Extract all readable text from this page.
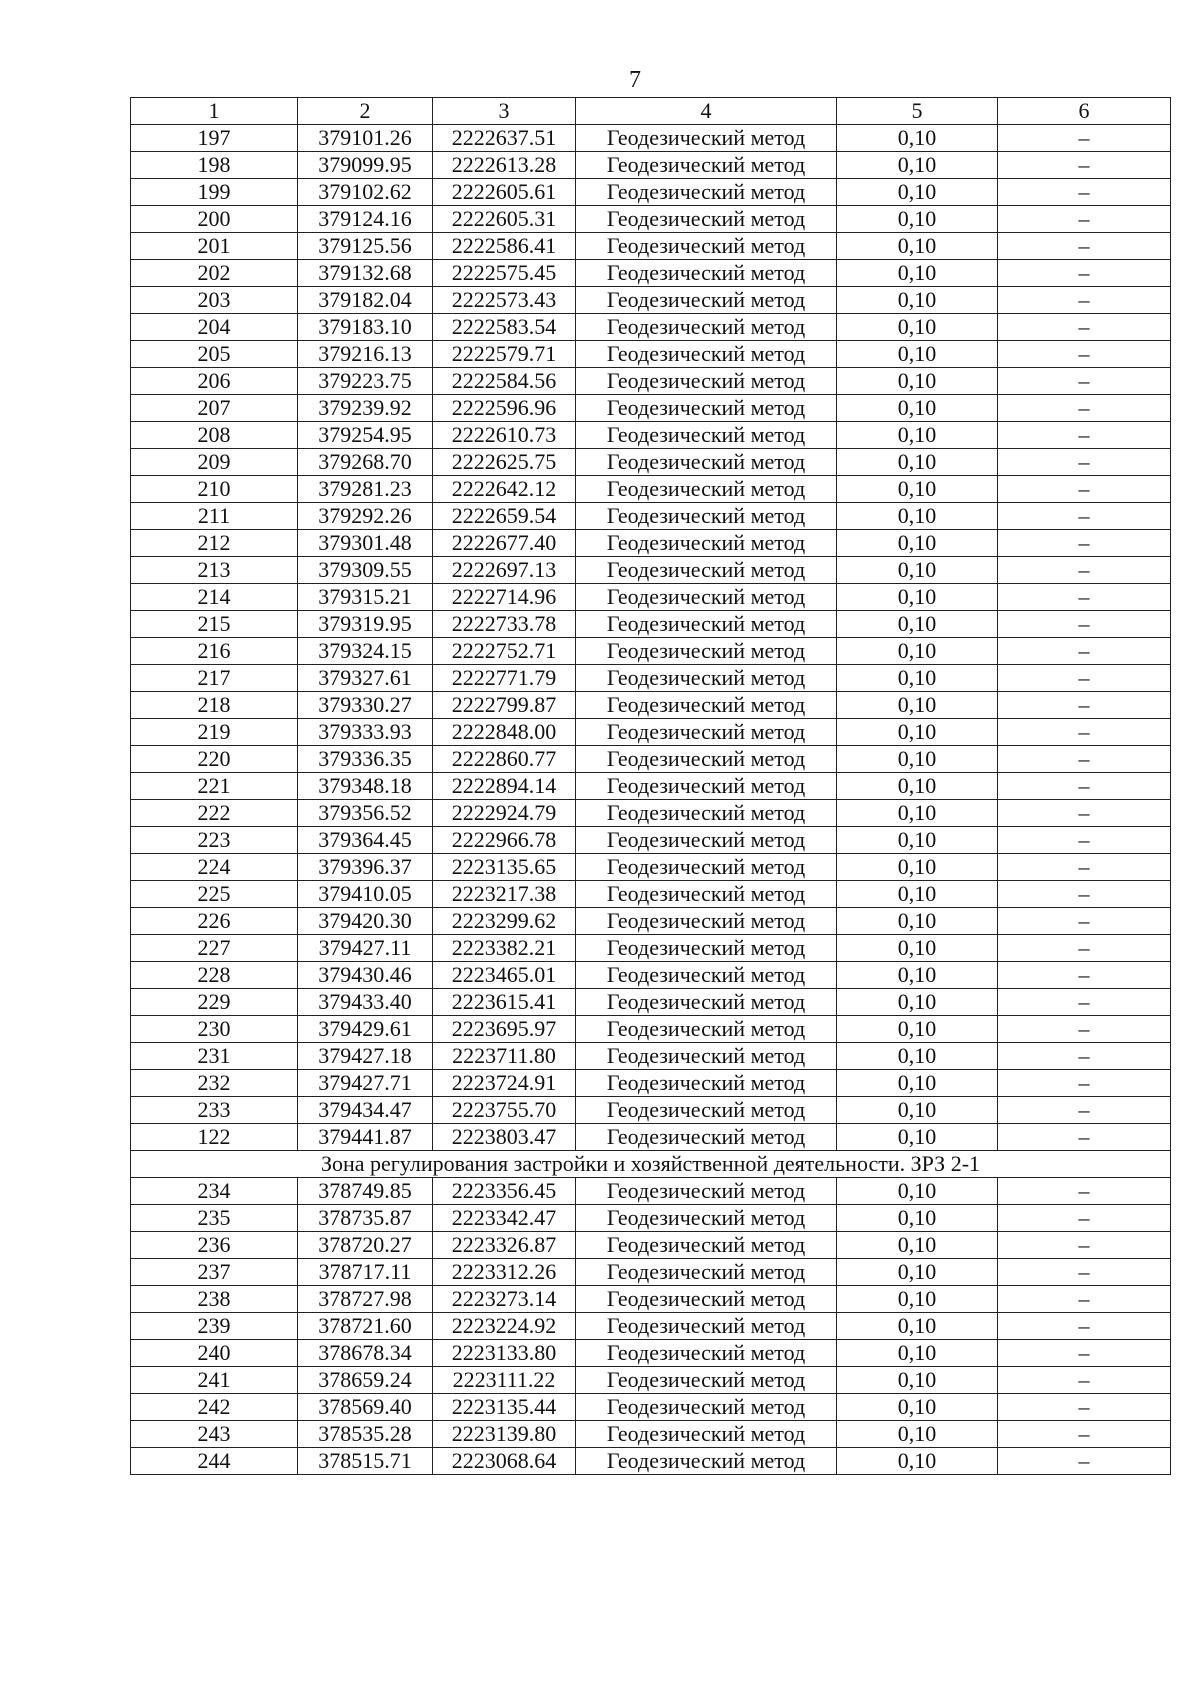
7
1	2	3	4	5	6
197	379101.26	2222637.51	Геодезический метод	0,10	–
198	379099.95	2222613.28	Геодезический метод	0,10	–
199	379102.62	2222605.61	Геодезический метод	0,10	–
200	379124.16	2222605.31	Геодезический метод	0,10	–
201	379125.56	2222586.41	Геодезический метод	0,10	–
202	379132.68	2222575.45	Геодезический метод	0,10	–
203	379182.04	2222573.43	Геодезический метод	0,10	–
204	379183.10	2222583.54	Геодезический метод	0,10	–
205	379216.13	2222579.71	Геодезический метод	0,10	–
206	379223.75	2222584.56	Геодезический метод	0,10	–
207	379239.92	2222596.96	Геодезический метод	0,10	–
208	379254.95	2222610.73	Геодезический метод	0,10	–
209	379268.70	2222625.75	Геодезический метод	0,10	–
210	379281.23	2222642.12	Геодезический метод	0,10	–
211	379292.26	2222659.54	Геодезический метод	0,10	–
212	379301.48	2222677.40	Геодезический метод	0,10	–
213	379309.55	2222697.13	Геодезический метод	0,10	–
214	379315.21	2222714.96	Геодезический метод	0,10	–
215	379319.95	2222733.78	Геодезический метод	0,10	–
216	379324.15	2222752.71	Геодезический метод	0,10	–
217	379327.61	2222771.79	Геодезический метод	0,10	–
218	379330.27	2222799.87	Геодезический метод	0,10	–
219	379333.93	2222848.00	Геодезический метод	0,10	–
220	379336.35	2222860.77	Геодезический метод	0,10	–
221	379348.18	2222894.14	Геодезический метод	0,10	–
222	379356.52	2222924.79	Геодезический метод	0,10	–
223	379364.45	2222966.78	Геодезический метод	0,10	–
224	379396.37	2223135.65	Геодезический метод	0,10	–
225	379410.05	2223217.38	Геодезический метод	0,10	–
226	379420.30	2223299.62	Геодезический метод	0,10	–
227	379427.11	2223382.21	Геодезический метод	0,10	–
228	379430.46	2223465.01	Геодезический метод	0,10	–
229	379433.40	2223615.41	Геодезический метод	0,10	–
230	379429.61	2223695.97	Геодезический метод	0,10	–
231	379427.18	2223711.80	Геодезический метод	0,10	–
232	379427.71	2223724.91	Геодезический метод	0,10	–
233	379434.47	2223755.70	Геодезический метод	0,10	–
122	379441.87	2223803.47	Геодезический метод	0,10	–
Зона регулирования застройки и хозяйственной деятельности. ЗРЗ 2-1					
234	378749.85	2223356.45	Геодезический метод	0,10	–
235	378735.87	2223342.47	Геодезический метод	0,10	–
236	378720.27	2223326.87	Геодезический метод	0,10	–
237	378717.11	2223312.26	Геодезический метод	0,10	–
238	378727.98	2223273.14	Геодезический метод	0,10	–
239	378721.60	2223224.92	Геодезический метод	0,10	–
240	378678.34	2223133.80	Геодезический метод	0,10	–
241	378659.24	2223111.22	Геодезический метод	0,10	–
242	378569.40	2223135.44	Геодезический метод	0,10	–
243	378535.28	2223139.80	Геодезический метод	0,10	–
244	378515.71	2223068.64	Геодезический метод	0,10	–
